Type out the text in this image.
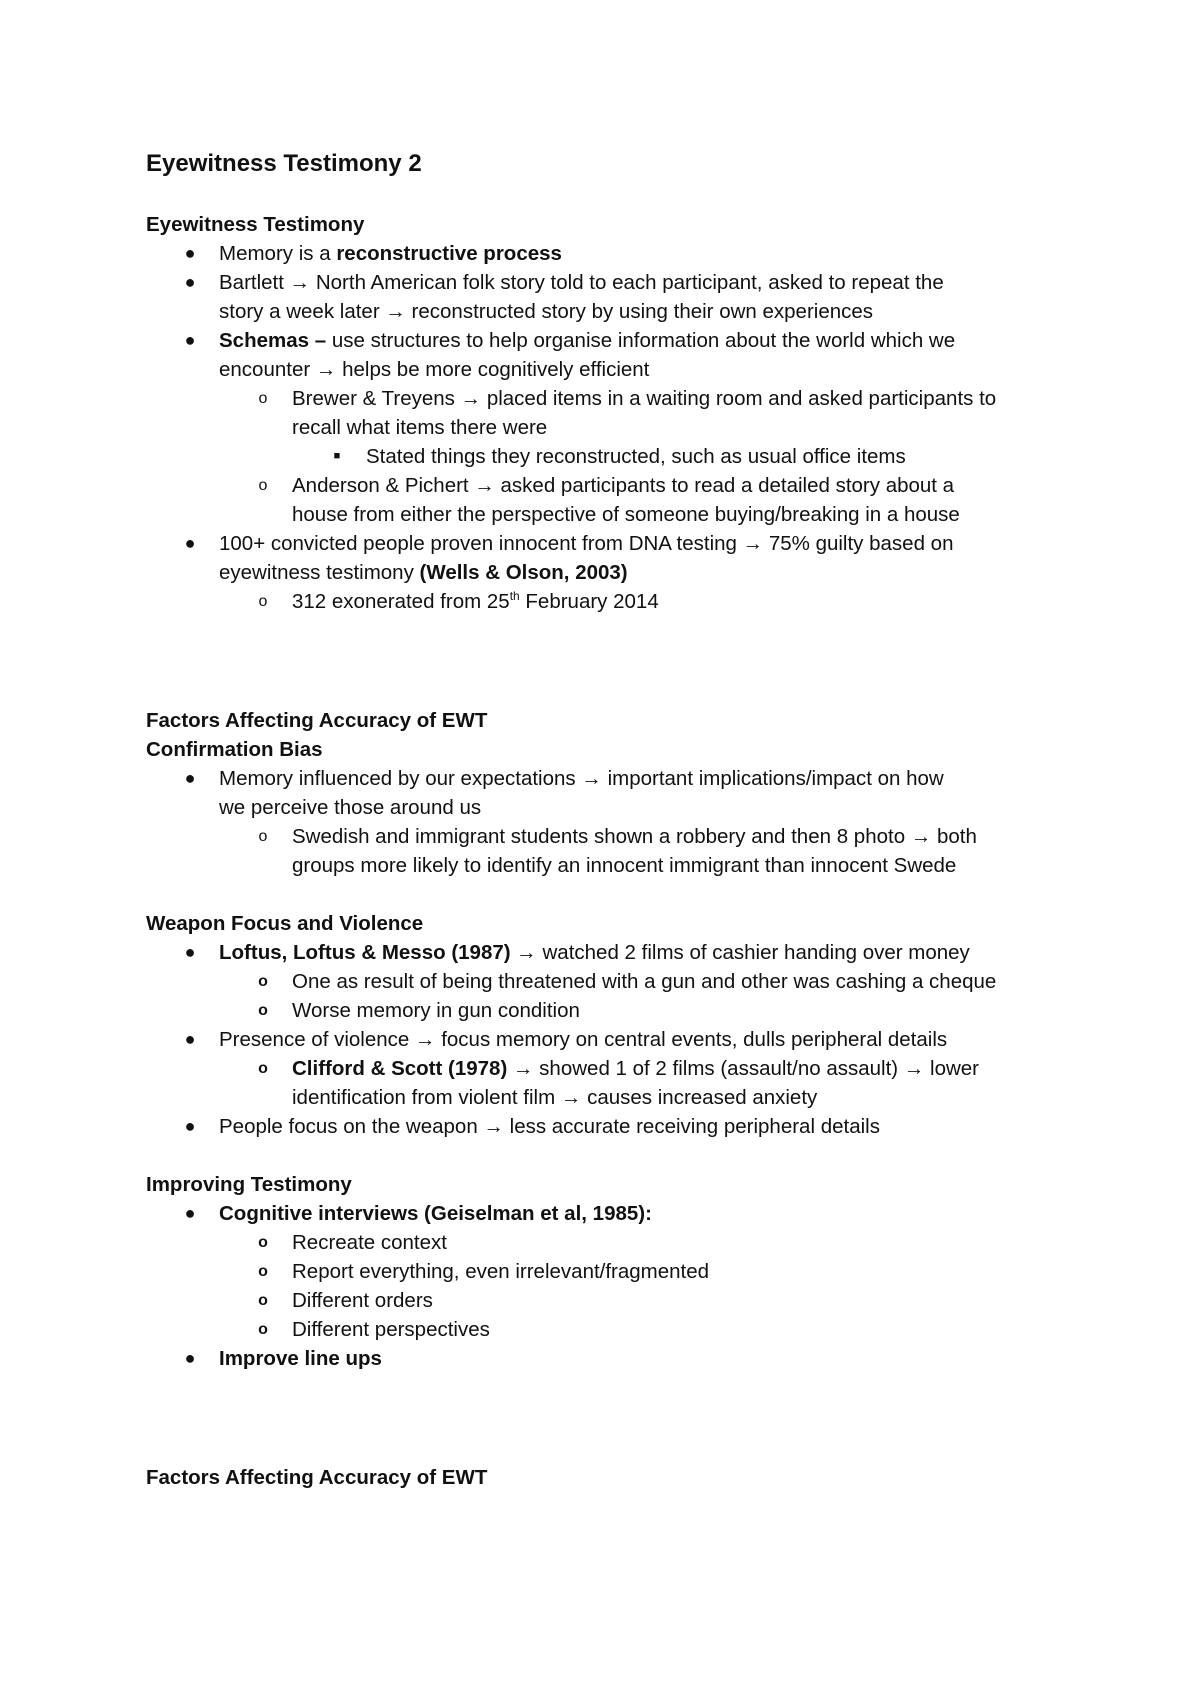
Eyewitness Testimony 2
Eyewitness Testimony
● Memory is a reconstructive process
● Bartlett → North American folk story told to each participant, asked to repeat the
story a week later → reconstructed story by using their own experiences
● Schemas – use structures to help organise information about the world which we
encounter → helps be more cognitively efficient
o Brewer & Treyens → placed items in a waiting room and asked participants to
recall what items there were
■	Stated things they reconstructed, such as usual office items
o Anderson & Pichert → asked participants to read a detailed story about a
house from either the perspective of someone buying/breaking in a house
● 100+ convicted people proven innocent from DNA testing → 75% guilty based on
eyewitness testimony (Wells & Olson, 2003)
o 312 exonerated from 25th February 2014
Factors Affecting Accuracy of EWT
Confirmation Bias
● Memory influenced by our expectations → important implications/impact on how
we perceive those around us
o Swedish and immigrant students shown a robbery and then 8 photo → both
groups more likely to identify an innocent immigrant than innocent Swede
Weapon Focus and Violence
● Loftus, Loftus & Messo (1987) → watched 2 films of cashier handing over money
o One as result of being threatened with a gun and other was cashing a cheque
o Worse memory in gun condition
● Presence of violence → focus memory on central events, dulls peripheral details
o Clifford & Scott (1978) → showed 1 of 2 films (assault/no assault) → lower
identification from violent film → causes increased anxiety
● People focus on the weapon → less accurate receiving peripheral details
Improving Testimony
● Cognitive interviews (Geiselman et al, 1985):
o Recreate context
o Report everything, even irrelevant/fragmented
o Different orders
o Different perspectives
● Improve line ups
Factors Affecting Accuracy of EWT
